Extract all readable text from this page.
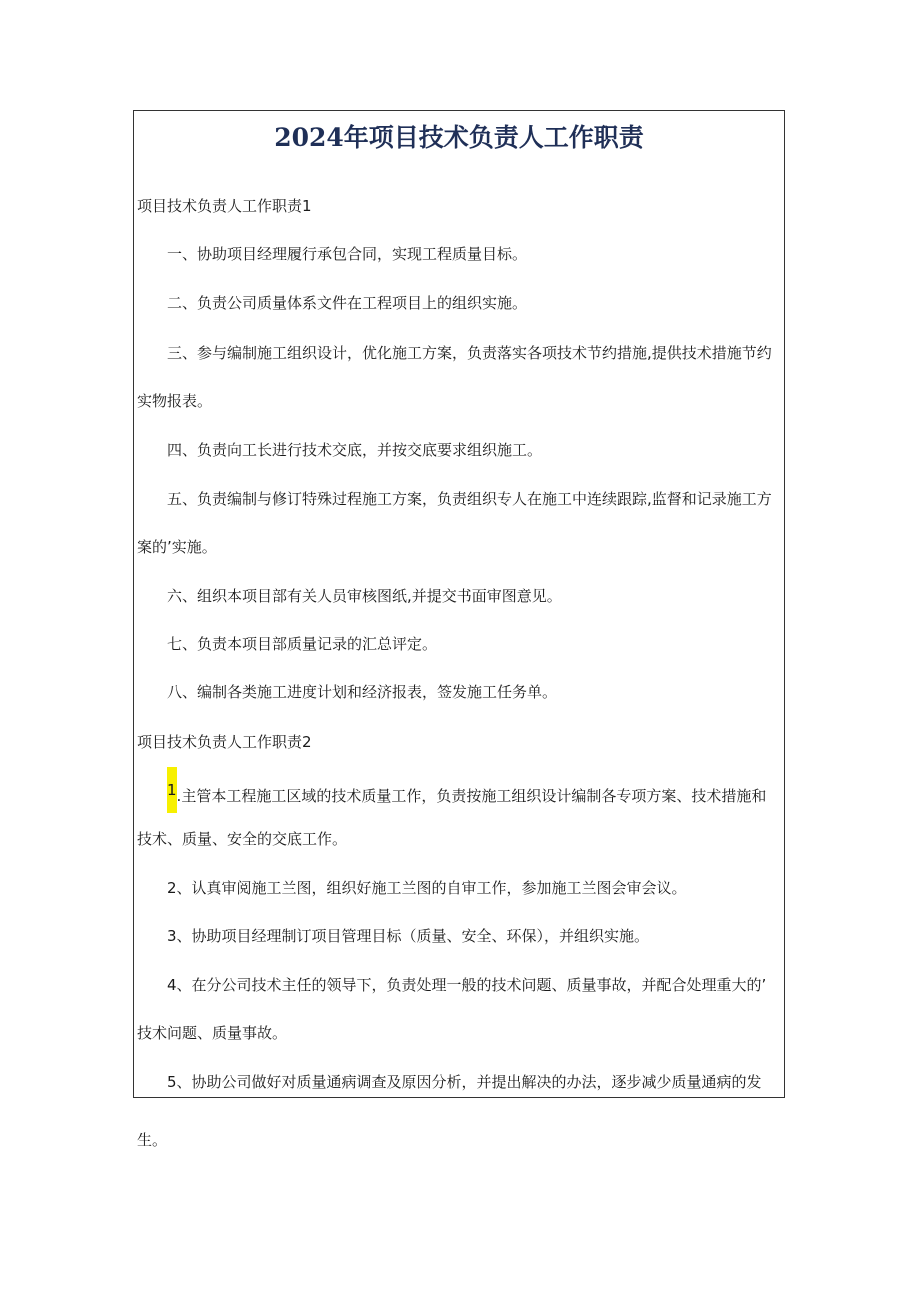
2024年项目技术负责人工作职责
项目技术负责人工作职责1
一、协助项目经理履行承包合同，实现工程质量目标。
二、负责公司质量体系文件在工程项目上的组织实施。
三、参与编制施工组织设计，优化施工方案，负责落实各项技术节约措施,提供技术措施节约
实物报表。
四、负责向工长进行技术交底，并按交底要求组织施工。
五、负责编制与修订特殊过程施工方案，负责组织专人在施工中连续跟踪,监督和记录施工方
案的’实施。
六、组织本项目部有关人员审核图纸,并提交书面审图意见。
七、负责本项目部质量记录的汇总评定。
八、编制各类施工进度计划和经济报表，签发施工任务单。
项目技术负责人工作职责2
1.主管本工程施工区域的技术质量工作，负责按施工组织设计编制各专项方案、技术措施和
技术、质量、安全的交底工作。
2、认真审阅施工兰图，组织好施工兰图的自审工作，参加施工兰图会审会议。
3、协助项目经理制订项目管理目标（质量、安全、环保），并组织实施。
4、在分公司技术主任的领导下，负责处理一般的技术问题、质量事故，并配合处理重大的’
技术问题、质量事故。
5、协助公司做好对质量通病调查及原因分析，并提出解决的办法，逐步减少质量通病的发
生。
